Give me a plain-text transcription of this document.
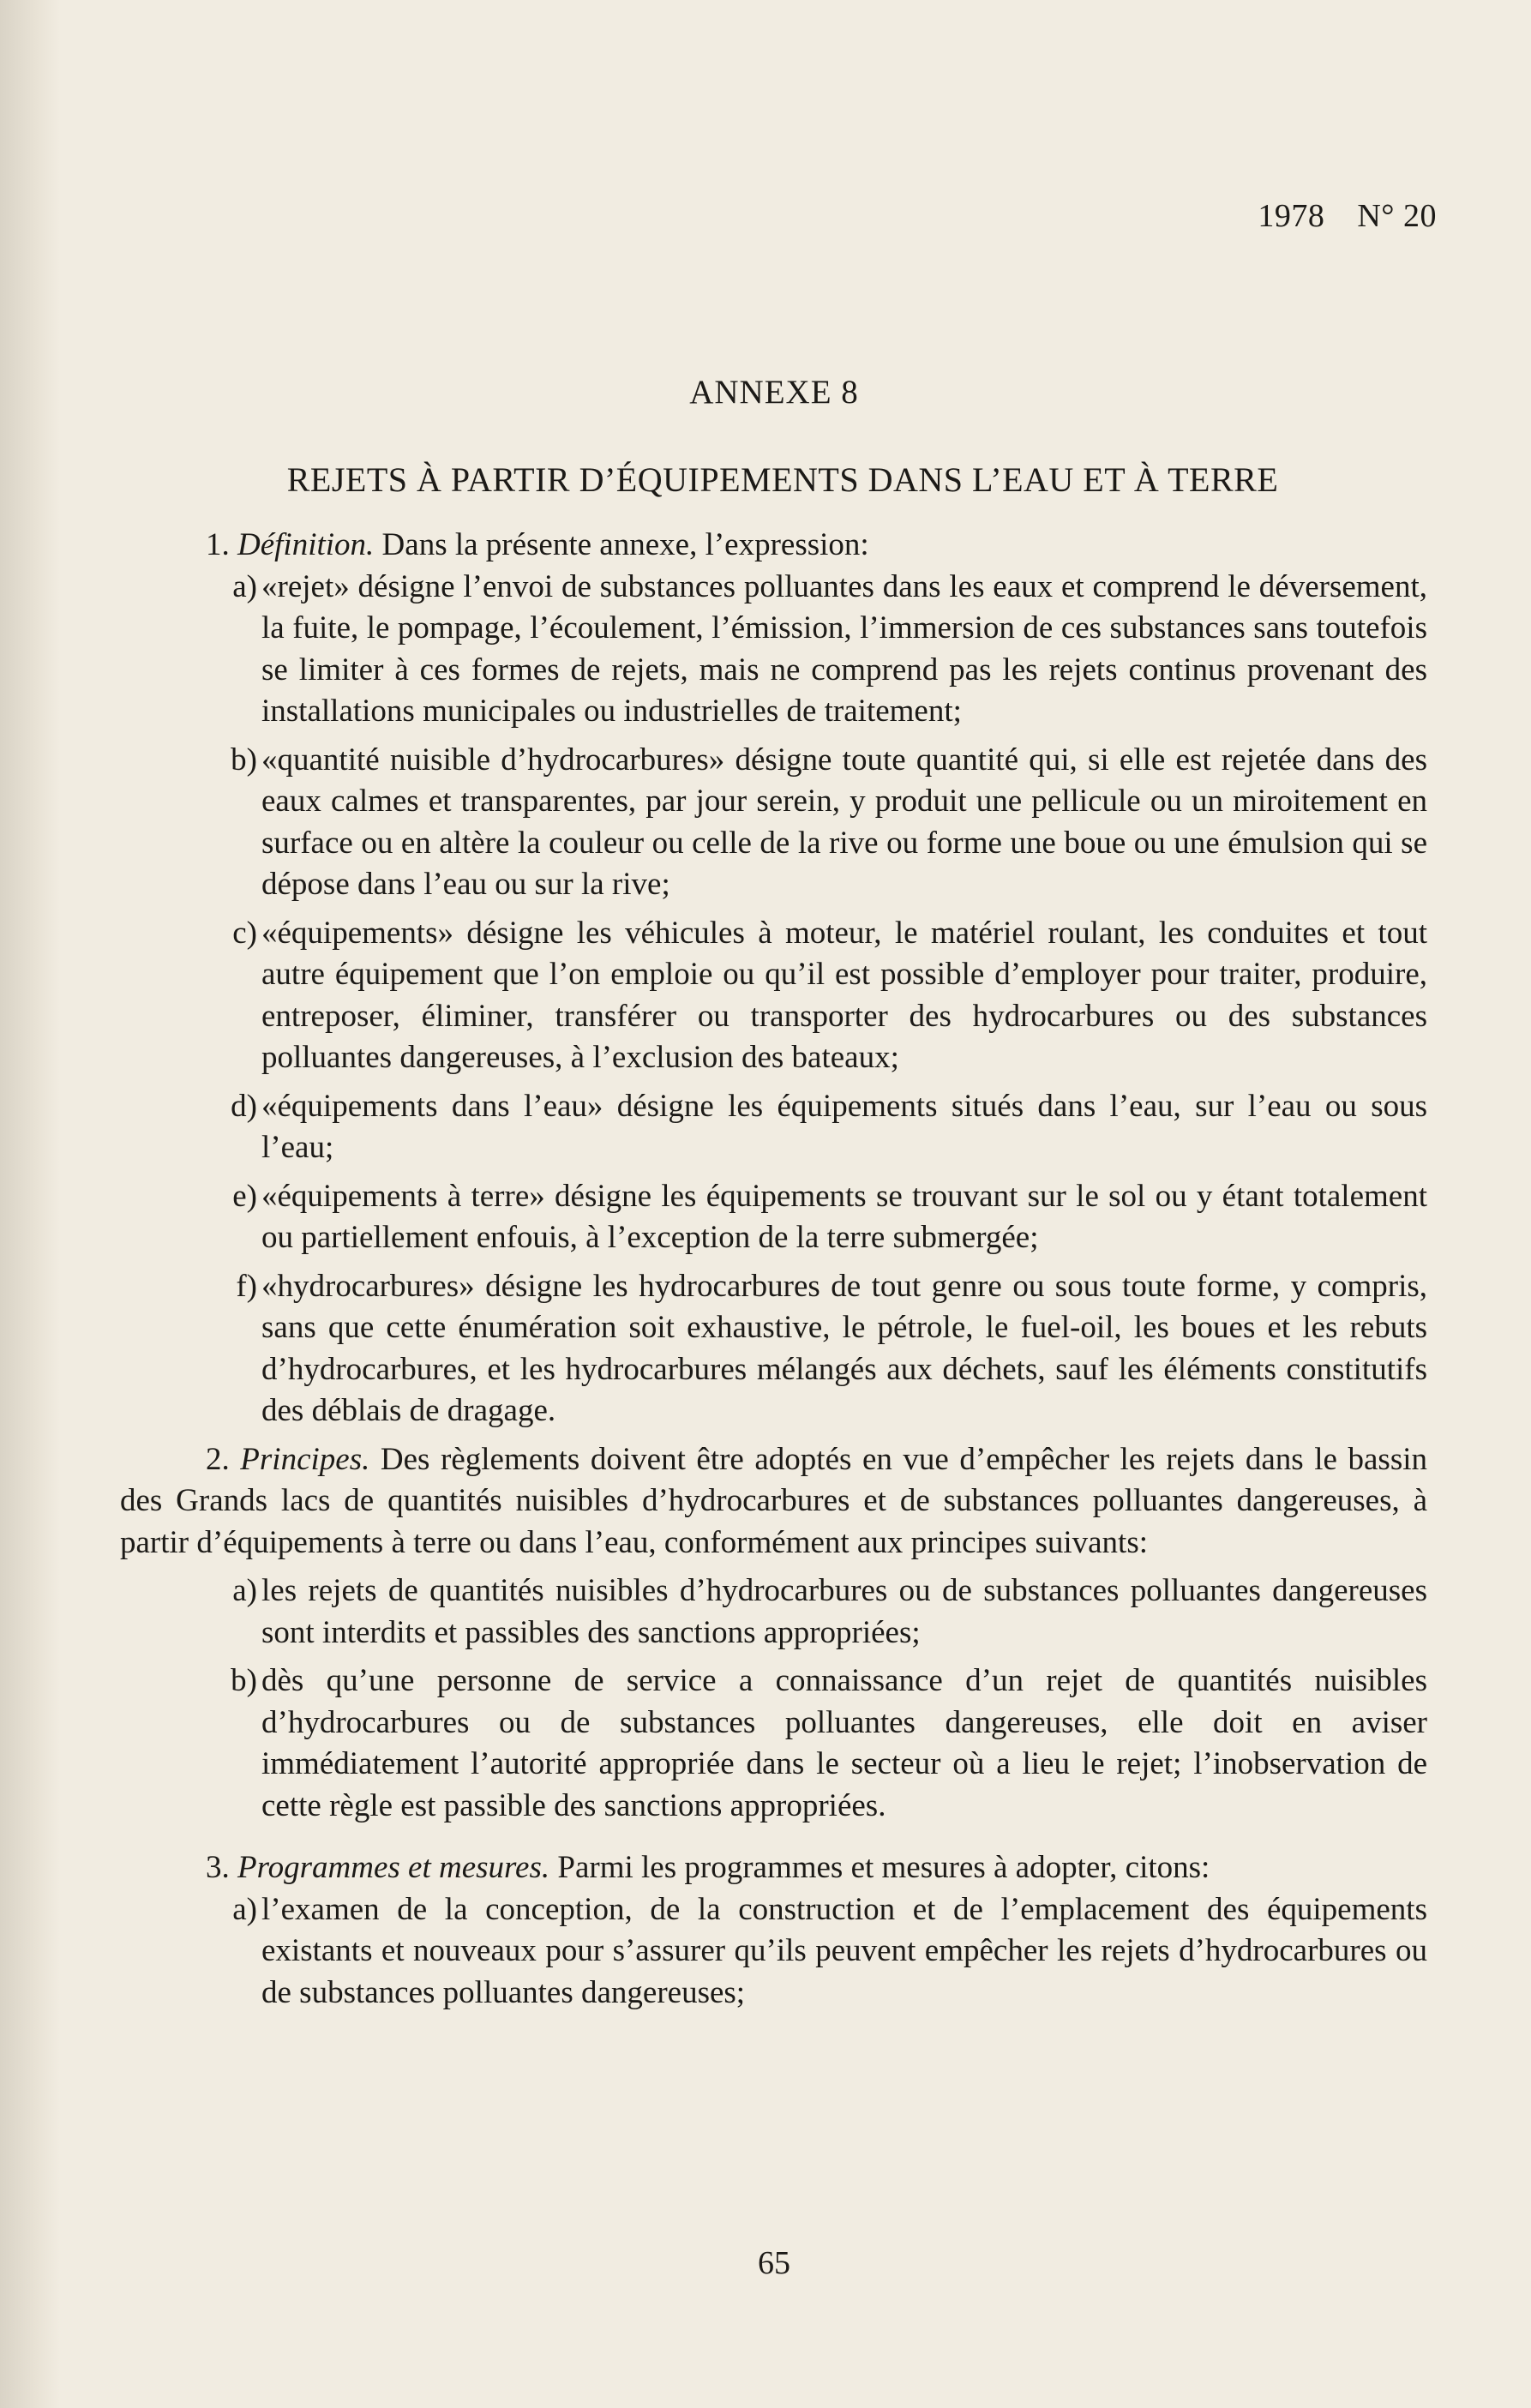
1978 N° 20
ANNEXE 8
REJETS À PARTIR D’ÉQUIPEMENTS DANS L’EAU ET À TERRE

1. Définition. Dans la présente annexe, l’expression:

a) «rejet» désigne l’envoi de substances polluantes dans les eaux et comprend le déversement, la fuite, le pompage, l’écoulement, l’émission, l’immersion de ces substances sans toutefois se limiter à ces formes de rejets, mais ne comprend pas les rejets continus provenant des installations municipales ou industrielles de traitement;
b) «quantité nuisible d’hydrocarbures» désigne toute quantité qui, si elle est rejetée dans des eaux calmes et transparentes, par jour serein, y produit une pellicule ou un miroitement en surface ou en altère la couleur ou celle de la rive ou forme une boue ou une émulsion qui se dépose dans l’eau ou sur la rive;
c) «équipements» désigne les véhicules à moteur, le matériel roulant, les conduites et tout autre équipement que l’on emploie ou qu’il est possible d’employer pour traiter, produire, entreposer, éliminer, transférer ou transporter des hydrocarbures ou des substances polluantes dangereuses, à l’exclusion des bateaux;
d) «équipements dans l’eau» désigne les équipements situés dans l’eau, sur l’eau ou sous l’eau;
e) «équipements à terre» désigne les équipements se trouvant sur le sol ou y étant totalement ou partiellement enfouis, à l’exception de la terre submergée;
f) «hydrocarbures» désigne les hydrocarbures de tout genre ou sous toute forme, y compris, sans que cette énumération soit exhaustive, le pétrole, le fuel-oil, les boues et les rebuts d’hydrocarbures, et les hydrocarbures mélangés aux déchets, sauf les éléments constitutifs des déblais de dragage.

2. Principes. Des règlements doivent être adoptés en vue d’empêcher les rejets dans le bassin des Grands lacs de quantités nuisibles d’hydrocarbures et de substances polluantes dangereuses, à partir d’équipements à terre ou dans l’eau, conformément aux principes suivants:

a) les rejets de quantités nuisibles d’hydrocarbures ou de substances polluantes dangereuses sont interdits et passibles des sanctions appropriées;
b) dès qu’une personne de service a connaissance d’un rejet de quantités nuisibles d’hydrocarbures ou de substances polluantes dangereuses, elle doit en aviser immédiatement l’autorité appropriée dans le secteur où a lieu le rejet; l’inobservation de cette règle est passible des sanctions appropriées.

3. Programmes et mesures. Parmi les programmes et mesures à adopter, citons:

a) l’examen de la conception, de la construction et de l’emplacement des équipements existants et nouveaux pour s’assurer qu’ils peuvent empêcher les rejets d’hydrocarbures ou de substances polluantes dangereuses;
65
